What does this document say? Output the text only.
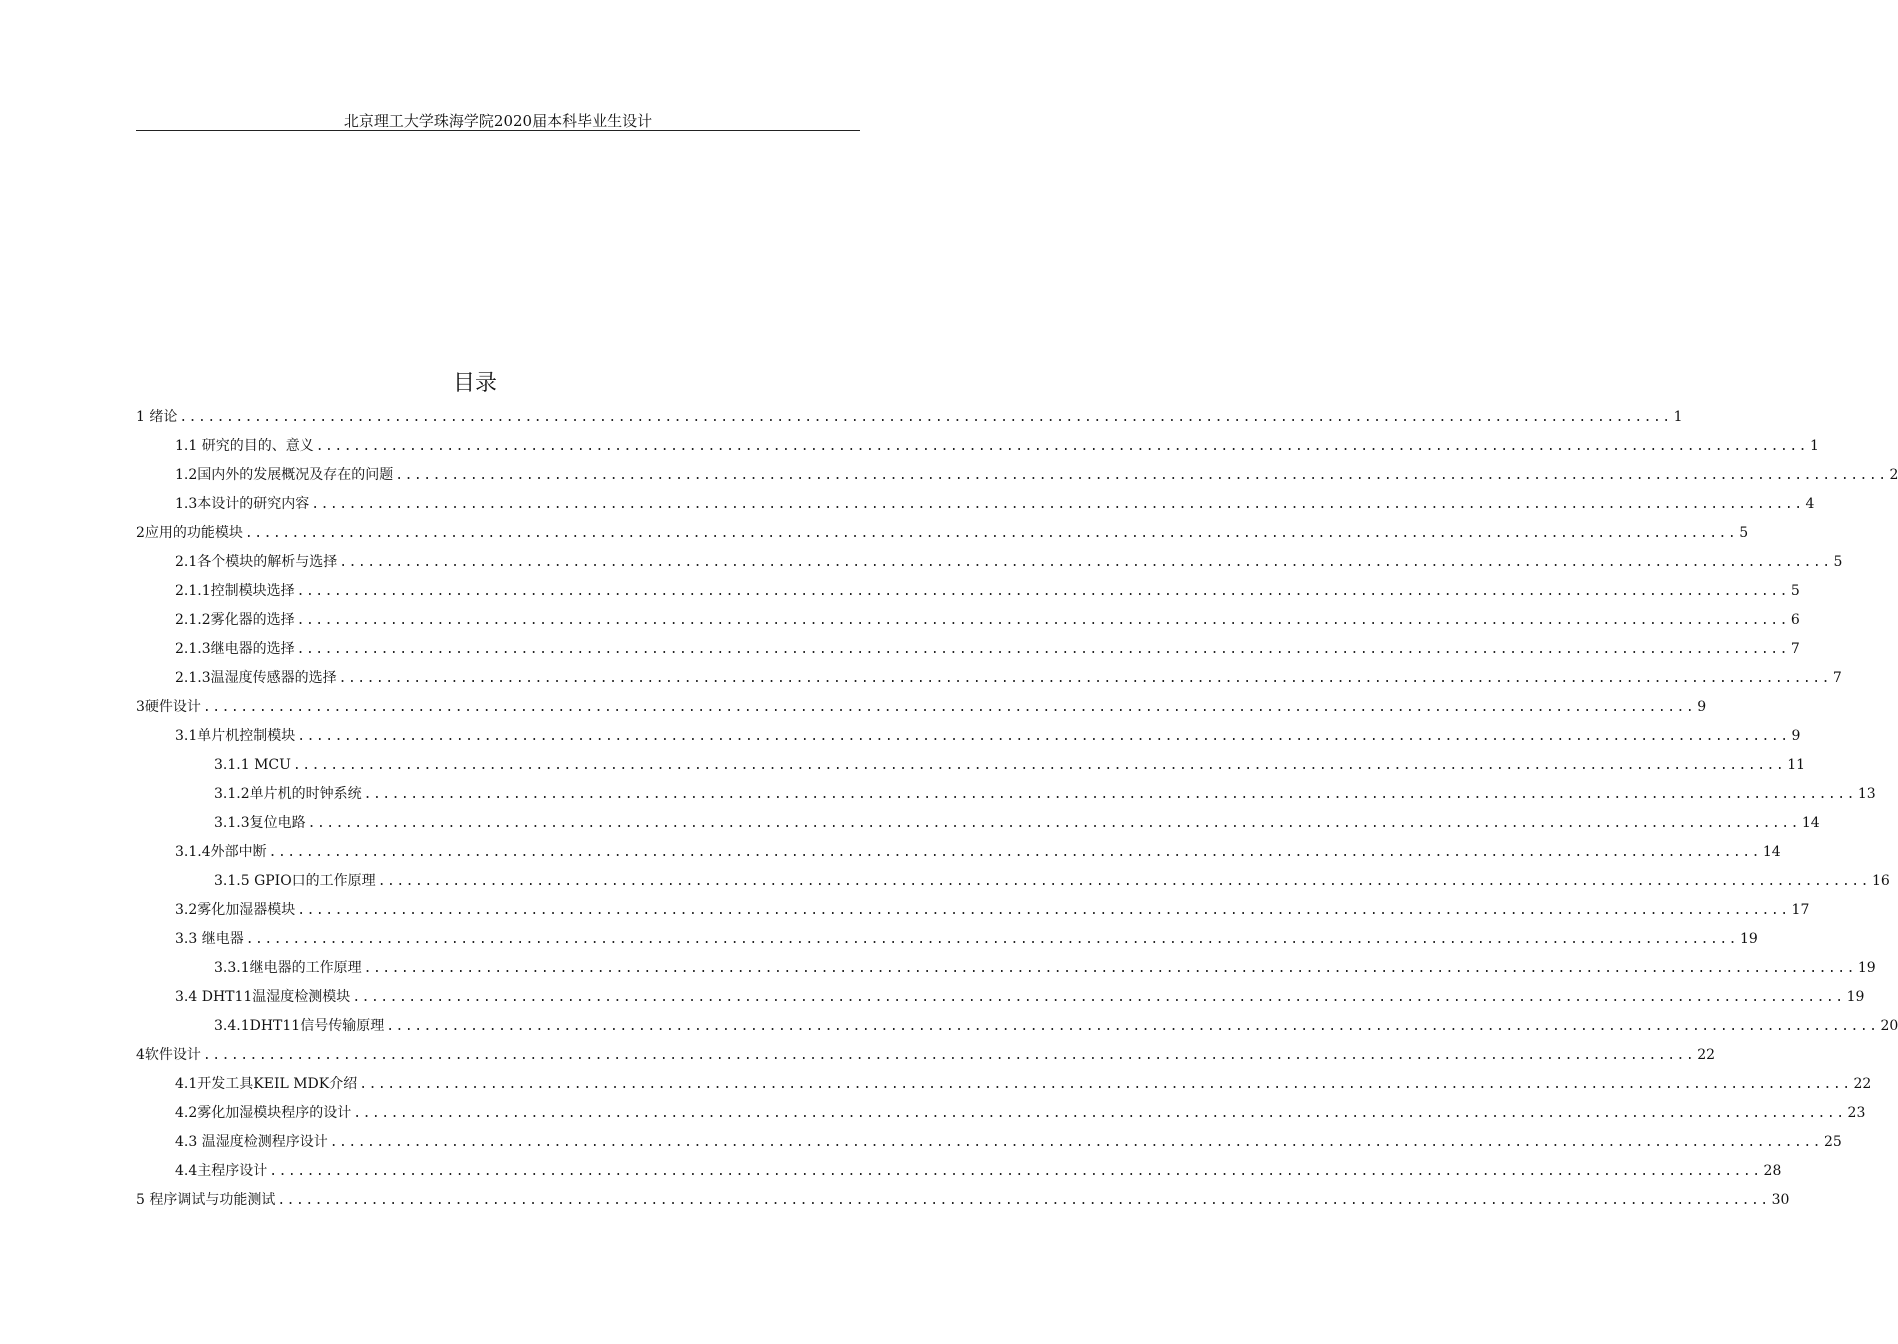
北京理工大学珠海学院2020届本科毕业生设计
目录
1 绪论 ................................................................................................................................................................ 1
1.1 研究的目的、意义 ................................................................................................................................................................ 1
1.2国内外的发展概况及存在的问题 ................................................................................................................................................................ 2
1.3本设计的研究内容 ................................................................................................................................................................ 4
2应用的功能模块 ................................................................................................................................................................ 5
2.1各个模块的解析与选择 ................................................................................................................................................................ 5
2.1.1控制模块选择 ................................................................................................................................................................ 5
2.1.2雾化器的选择 ................................................................................................................................................................ 6
2.1.3继电器的选择 ................................................................................................................................................................ 7
2.1.3温湿度传感器的选择 ................................................................................................................................................................ 7
3硬件设计 ................................................................................................................................................................ 9
3.1单片机控制模块 ................................................................................................................................................................ 9
3.1.1 MCU ................................................................................................................................................................ 11
3.1.2单片机的时钟系统 ................................................................................................................................................................ 13
3.1.3复位电路 ................................................................................................................................................................ 14
3.1.4外部中断 ................................................................................................................................................................ 14
3.1.5 GPIO口的工作原理 ................................................................................................................................................................ 16
3.2雾化加湿器模块 ................................................................................................................................................................ 17
3.3 继电器 ................................................................................................................................................................ 19
3.3.1继电器的工作原理 ................................................................................................................................................................ 19
3.4 DHT11温湿度检测模块 ................................................................................................................................................................ 19
3.4.1DHT11信号传输原理 ................................................................................................................................................................ 20
4软件设计 ................................................................................................................................................................ 22
4.1开发工具KEIL MDK介绍 ................................................................................................................................................................ 22
4.2雾化加湿模块程序的设计 ................................................................................................................................................................ 23
4.3 温湿度检测程序设计 ................................................................................................................................................................ 25
4.4主程序设计 ................................................................................................................................................................ 28
5 程序调试与功能测试 ................................................................................................................................................................ 30
